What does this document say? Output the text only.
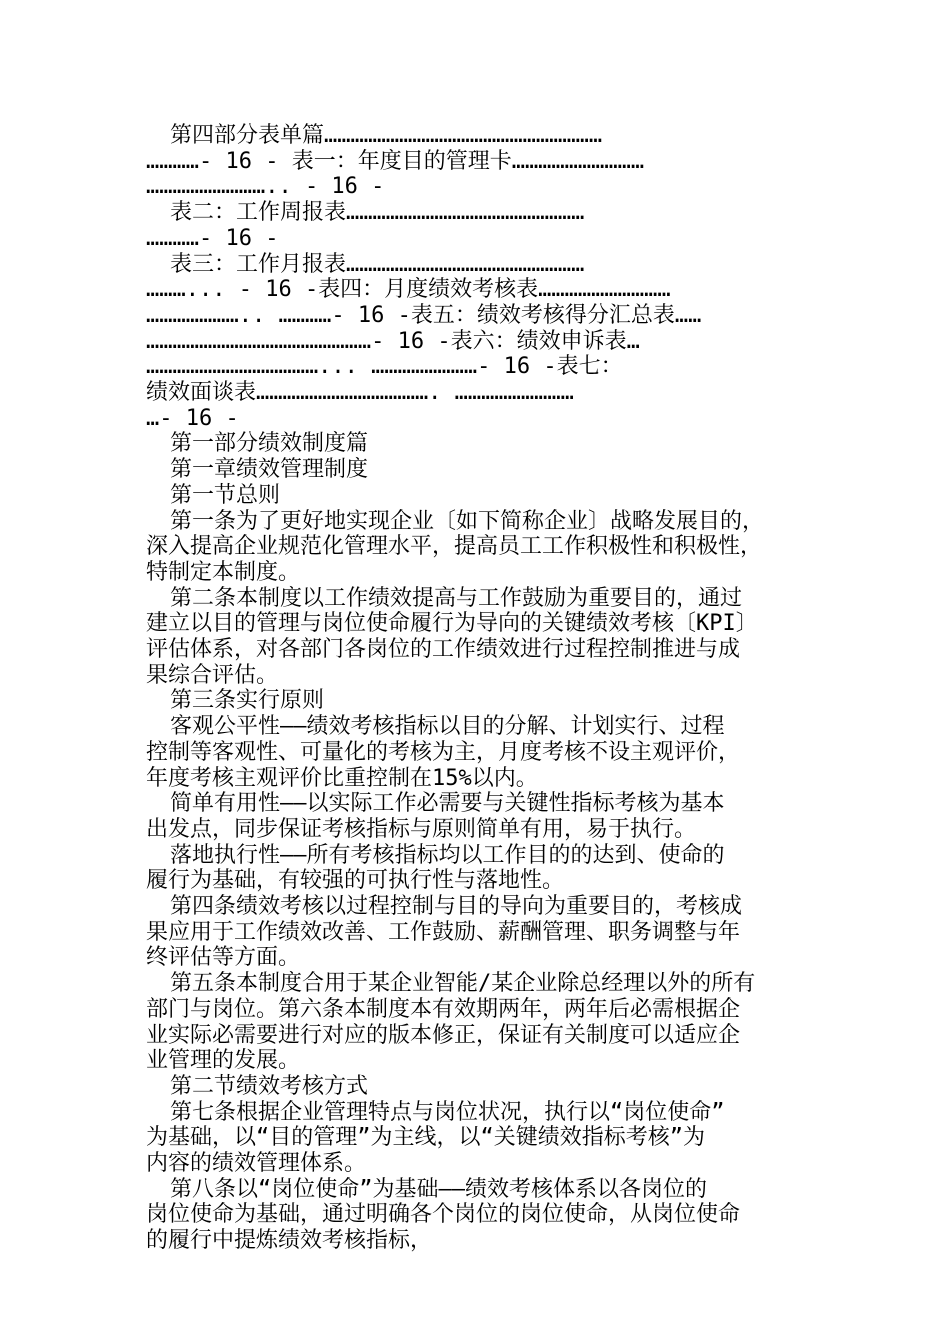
第四部分表单篇………………………………………………………

…………- 16 - 表一：年度目的管理卡…………………………

……………………….. - 16 -

表二：工作周报表………………………………………………

…………- 16 -

表三：工作月报表………………………………………………

………... - 16 -表四：月度绩效考核表…………………………

………………….. …………- 16 -表五：绩效考核得分汇总表……

……………………………………………- 16 -表六：绩效申诉表…

…………………………………... ……………………- 16 -表七：

绩效面谈表…………………………………. ………………………

…- 16 -

第一部分绩效制度篇

第一章绩效管理制度

第一节总则

第一条为了更好地实现企业〔如下简称企业〕战略发展目的，

深入提高企业规范化管理水平，提高员工工作积极性和积极性，

特制定本制度。

第二条本制度以工作绩效提高与工作鼓励为重要目的，通过

建立以目的管理与岗位使命履行为导向的关键绩效考核〔KPI〕

评估体系，对各部门各岗位的工作绩效进行过程控制推进与成

果综合评估。

第三条实行原则

客观公平性——绩效考核指标以目的分解、计划实行、过程

控制等客观性、可量化的考核为主，月度考核不设主观评价，

年度考核主观评价比重控制在15%以内。

简单有用性——以实际工作必需要与关键性指标考核为基本

出发点，同步保证考核指标与原则简单有用，易于执行。

落地执行性——所有考核指标均以工作目的的达到、使命的

履行为基础，有较强的可执行性与落地性。

第四条绩效考核以过程控制与目的导向为重要目的，考核成

果应用于工作绩效改善、工作鼓励、薪酬管理、职务调整与年

终评估等方面。

第五条本制度合用于某企业智能/某企业除总经理以外的所有

部门与岗位。第六条本制度本有效期两年，两年后必需根据企

业实际必需要进行对应的版本修正，保证有关制度可以适应企

业管理的发展。

第二节绩效考核方式

第七条根据企业管理特点与岗位状况，执行以“岗位使命”

为基础，以“目的管理”为主线，以“关键绩效指标考核”为

内容的绩效管理体系。

第八条以“岗位使命”为基础——绩效考核体系以各岗位的

岗位使命为基础，通过明确各个岗位的岗位使命，从岗位使命

的履行中提炼绩效考核指标，
